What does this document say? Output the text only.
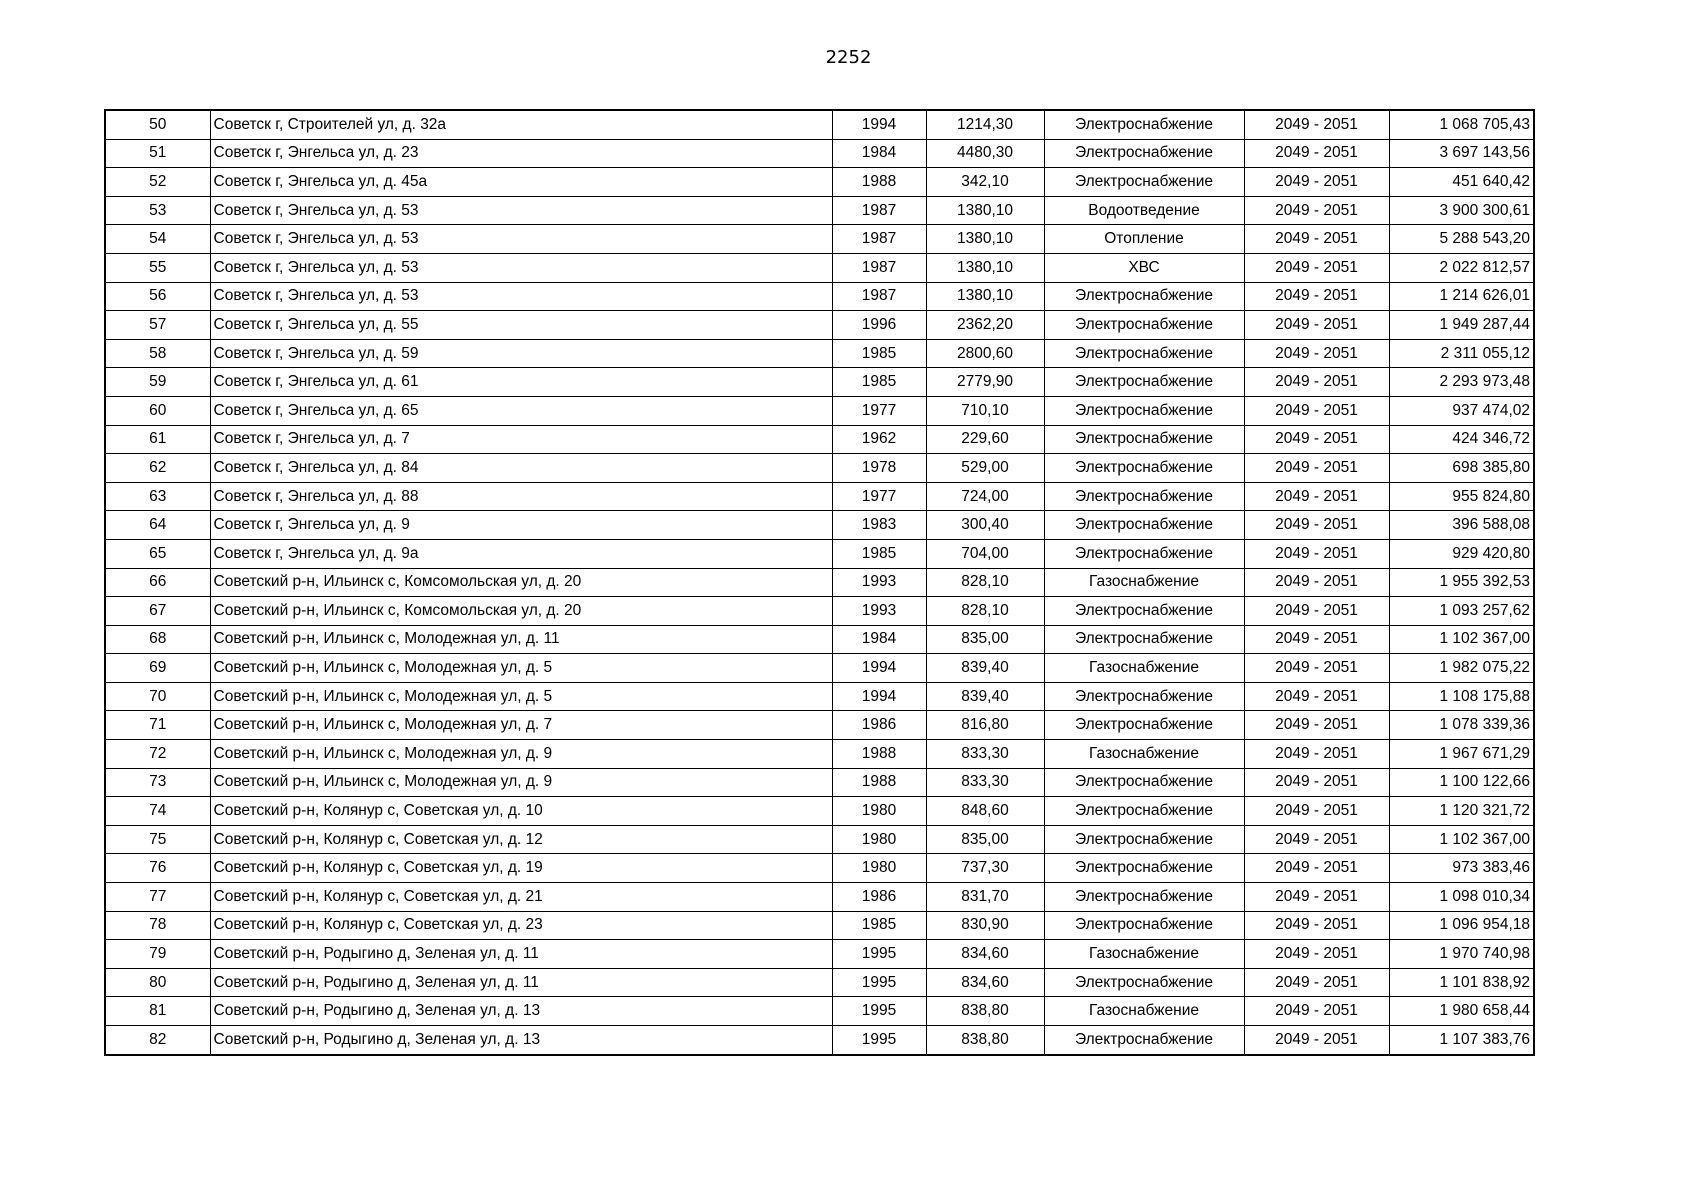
2252
50	Советск г, Строителей ул, д. 32а	1994	1214,30	Электроснабжение	2049 - 2051	1 068 705,43
51	Советск г, Энгельса ул, д. 23	1984	4480,30	Электроснабжение	2049 - 2051	3 697 143,56
52	Советск г, Энгельса ул, д. 45а	1988	342,10	Электроснабжение	2049 - 2051	451 640,42
53	Советск г, Энгельса ул, д. 53	1987	1380,10	Водоотведение	2049 - 2051	3 900 300,61
54	Советск г, Энгельса ул, д. 53	1987	1380,10	Отопление	2049 - 2051	5 288 543,20
55	Советск г, Энгельса ул, д. 53	1987	1380,10	ХВС	2049 - 2051	2 022 812,57
56	Советск г, Энгельса ул, д. 53	1987	1380,10	Электроснабжение	2049 - 2051	1 214 626,01
57	Советск г, Энгельса ул, д. 55	1996	2362,20	Электроснабжение	2049 - 2051	1 949 287,44
58	Советск г, Энгельса ул, д. 59	1985	2800,60	Электроснабжение	2049 - 2051	2 311 055,12
59	Советск г, Энгельса ул, д. 61	1985	2779,90	Электроснабжение	2049 - 2051	2 293 973,48
60	Советск г, Энгельса ул, д. 65	1977	710,10	Электроснабжение	2049 - 2051	937 474,02
61	Советск г, Энгельса ул, д. 7	1962	229,60	Электроснабжение	2049 - 2051	424 346,72
62	Советск г, Энгельса ул, д. 84	1978	529,00	Электроснабжение	2049 - 2051	698 385,80
63	Советск г, Энгельса ул, д. 88	1977	724,00	Электроснабжение	2049 - 2051	955 824,80
64	Советск г, Энгельса ул, д. 9	1983	300,40	Электроснабжение	2049 - 2051	396 588,08
65	Советск г, Энгельса ул, д. 9а	1985	704,00	Электроснабжение	2049 - 2051	929 420,80
66	Советский р-н, Ильинск с, Комсомольская ул, д. 20	1993	828,10	Газоснабжение	2049 - 2051	1 955 392,53
67	Советский р-н, Ильинск с, Комсомольская ул, д. 20	1993	828,10	Электроснабжение	2049 - 2051	1 093 257,62
68	Советский р-н, Ильинск с, Молодежная ул, д. 11	1984	835,00	Электроснабжение	2049 - 2051	1 102 367,00
69	Советский р-н, Ильинск с, Молодежная ул, д. 5	1994	839,40	Газоснабжение	2049 - 2051	1 982 075,22
70	Советский р-н, Ильинск с, Молодежная ул, д. 5	1994	839,40	Электроснабжение	2049 - 2051	1 108 175,88
71	Советский р-н, Ильинск с, Молодежная ул, д. 7	1986	816,80	Электроснабжение	2049 - 2051	1 078 339,36
72	Советский р-н, Ильинск с, Молодежная ул, д. 9	1988	833,30	Газоснабжение	2049 - 2051	1 967 671,29
73	Советский р-н, Ильинск с, Молодежная ул, д. 9	1988	833,30	Электроснабжение	2049 - 2051	1 100 122,66
74	Советский р-н, Колянур с, Советская ул, д. 10	1980	848,60	Электроснабжение	2049 - 2051	1 120 321,72
75	Советский р-н, Колянур с, Советская ул, д. 12	1980	835,00	Электроснабжение	2049 - 2051	1 102 367,00
76	Советский р-н, Колянур с, Советская ул, д. 19	1980	737,30	Электроснабжение	2049 - 2051	973 383,46
77	Советский р-н, Колянур с, Советская ул, д. 21	1986	831,70	Электроснабжение	2049 - 2051	1 098 010,34
78	Советский р-н, Колянур с, Советская ул, д. 23	1985	830,90	Электроснабжение	2049 - 2051	1 096 954,18
79	Советский р-н, Родыгино д, Зеленая ул, д. 11	1995	834,60	Газоснабжение	2049 - 2051	1 970 740,98
80	Советский р-н, Родыгино д, Зеленая ул, д. 11	1995	834,60	Электроснабжение	2049 - 2051	1 101 838,92
81	Советский р-н, Родыгино д, Зеленая ул, д. 13	1995	838,80	Газоснабжение	2049 - 2051	1 980 658,44
82	Советский р-н, Родыгино д, Зеленая ул, д. 13	1995	838,80	Электроснабжение	2049 - 2051	1 107 383,76
